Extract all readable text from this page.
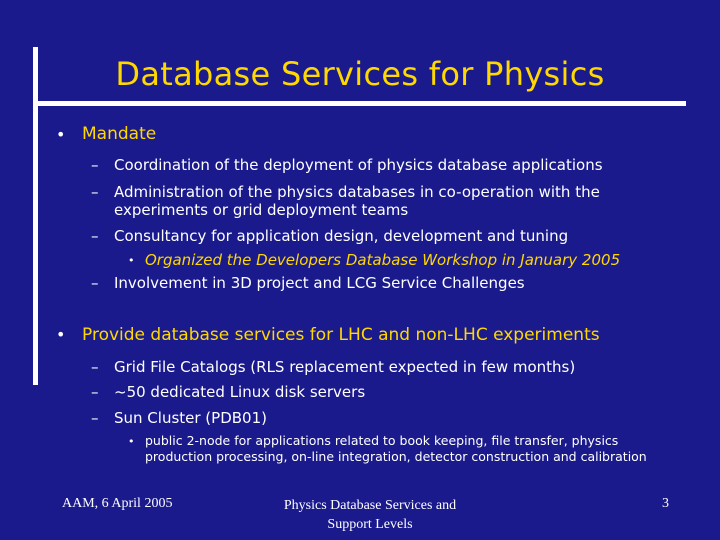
Database Services for Physics
• Mandate
– Coordination of the deployment of physics database applications
– Administration of the physics databases in co-operation with the experiments or grid deployment teams
– Consultancy for application design, development and tuning
• Organized the Developers Database Workshop in January 2005
– Involvement in 3D project and LCG Service Challenges
• Provide database services for LHC and non-LHC experiments
– Grid File Catalogs (RLS replacement expected in few months)
– ~50 dedicated Linux disk servers
– Sun Cluster (PDB01)
• public 2-node for applications related to book keeping, file transfer, physics production processing, on-line integration, detector construction and calibration
AAM, 6 April 2005	Physics Database Services and Support Levels
3
